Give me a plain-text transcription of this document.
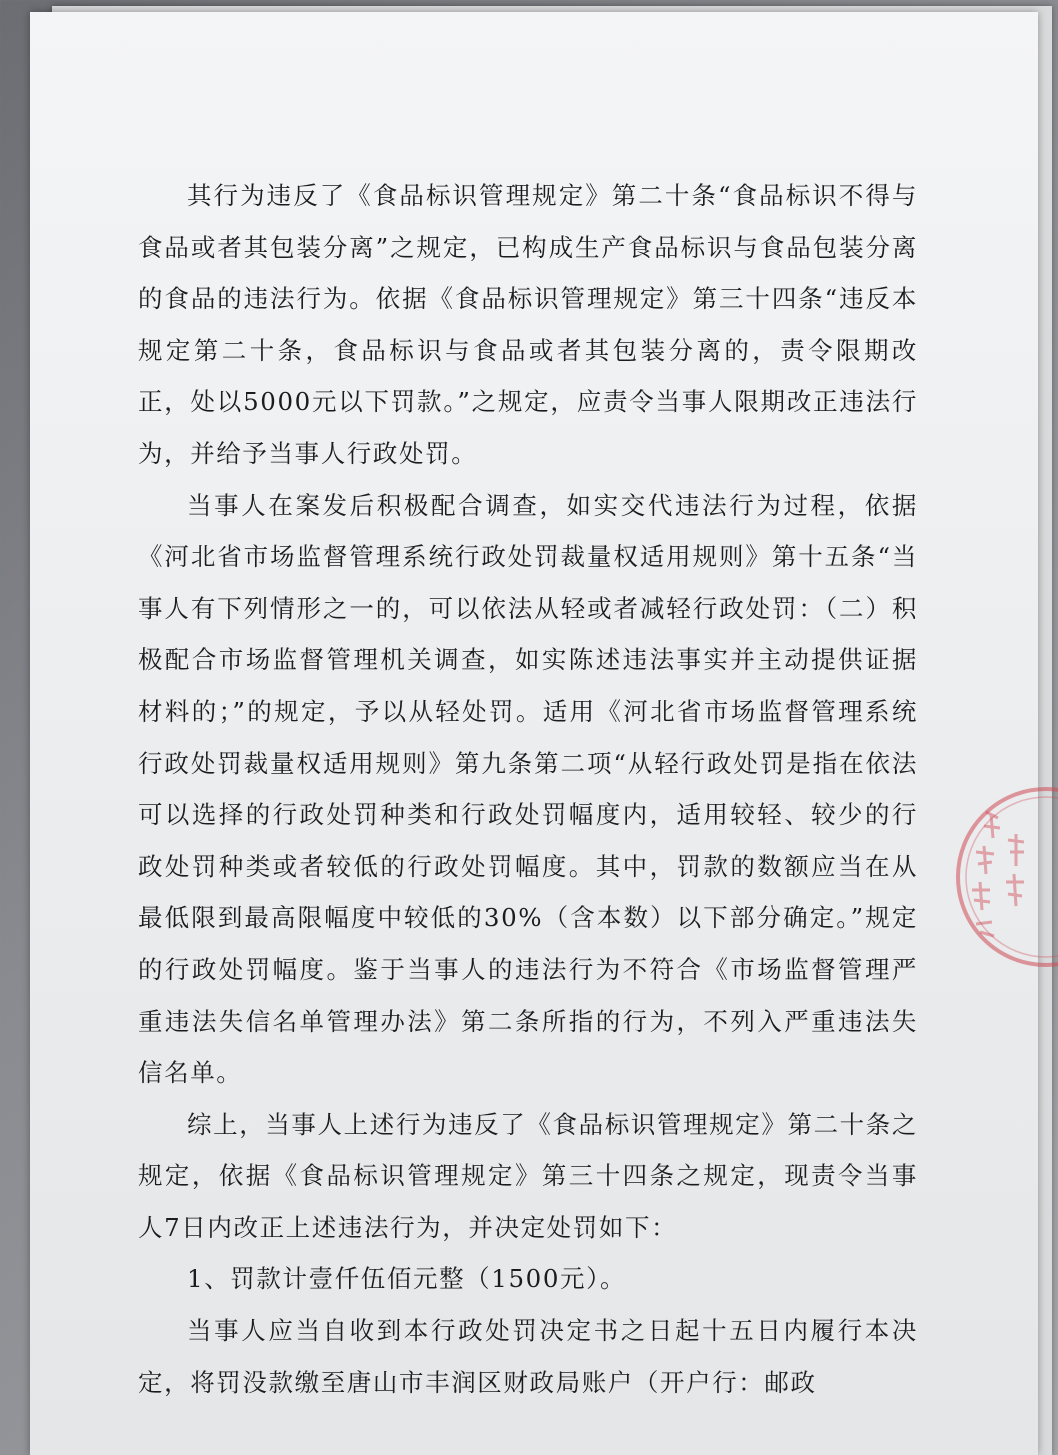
其行为违反了《食品标识管理规定》第二十条“食品标识不得与食品或者其包装分离”之规定，已构成生产食品标识与食品包装分离的食品的违法行为。依据《食品标识管理规定》第三十四条“违反本规定第二十条，食品标识与食品或者其包装分离的，责令限期改正，处以5000元以下罚款。”之规定，应责令当事人限期改正违法行为，并给予当事人行政处罚。

当事人在案发后积极配合调查，如实交代违法行为过程，依据《河北省市场监督管理系统行政处罚裁量权适用规则》第十五条“当事人有下列情形之一的，可以依法从轻或者减轻行政处罚：（二）积极配合市场监督管理机关调查，如实陈述违法事实并主动提供证据材料的；”的规定，予以从轻处罚。适用《河北省市场监督管理系统行政处罚裁量权适用规则》第九条第二项“从轻行政处罚是指在依法可以选择的行政处罚种类和行政处罚幅度内，适用较轻、较少的行政处罚种类或者较低的行政处罚幅度。其中，罚款的数额应当在从最低限到最高限幅度中较低的30%（含本数）以下部分确定。”规定的行政处罚幅度。鉴于当事人的违法行为不符合《市场监督管理严重违法失信名单管理办法》第二条所指的行为，不列入严重违法失信名单。

综上，当事人上述行为违反了《食品标识管理规定》第二十条之规定，依据《食品标识管理规定》第三十四条之规定，现责令当事人7日内改正上述违法行为，并决定处罚如下：

1、罚款计壹仟伍佰元整（1500元）。

当事人应当自收到本行政处罚决定书之日起十五日内履行本决定，将罚没款缴至唐山市丰润区财政局账户（开户行：邮政
